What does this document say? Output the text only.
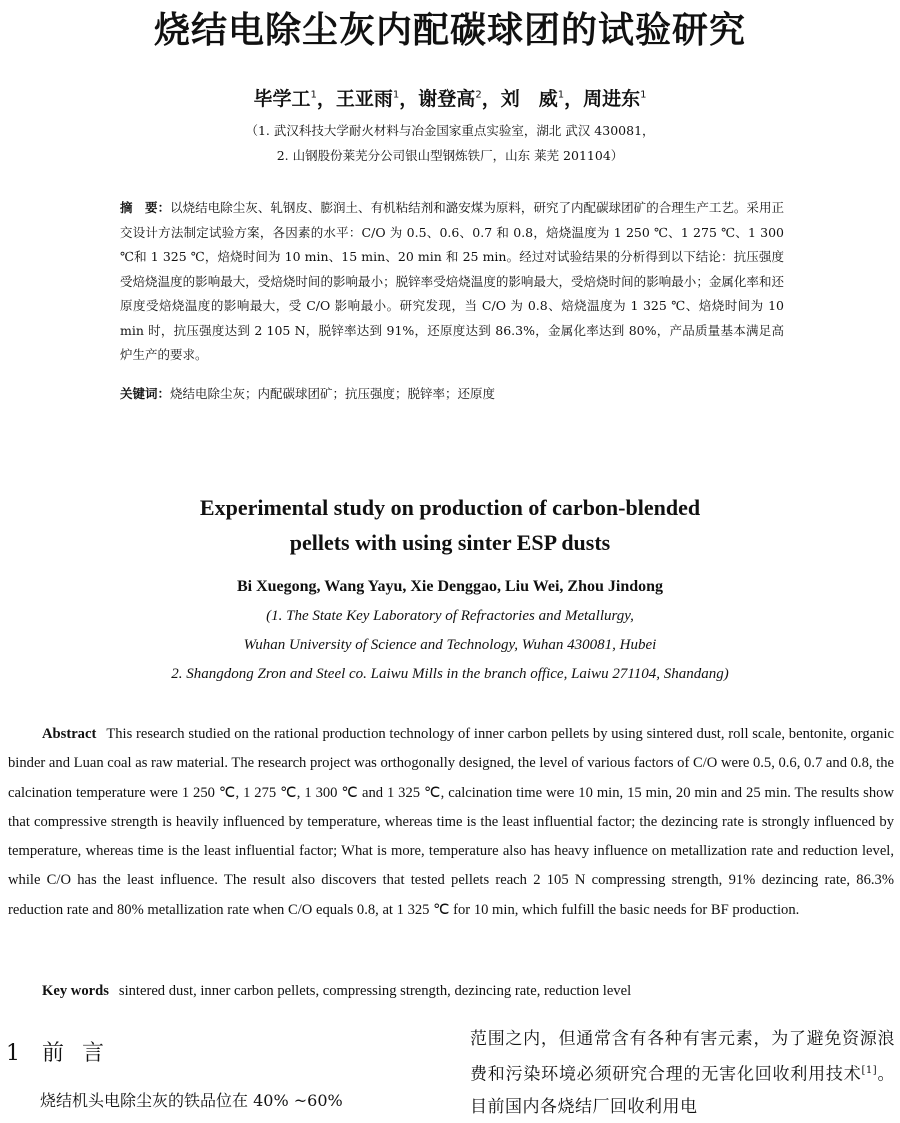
烧结电除尘灰内配碳球团的试验研究
毕学工$^1$，王亚雨$^1$，谢登高$^2$，刘　威$^1$，周进东$^1$
（1. 武汉科技大学耐火材料与冶金国家重点实验室，湖北 武汉 430081，
2. 山钢股份莱芜分公司银山型钢炼铁厂，山东 莱芜 201104）
摘　要：以烧结电除尘灰、轧钢皮、膨润土、有机粘结剂和潞安煤为原料，研究了内配碳球团矿的合理生产工艺。采用正交设计方法制定试验方案，各因素的水平：C/O 为 0.5、0.6、0.7 和 0.8，焙烧温度为 1 250 ℃、1 275 ℃、1 300 ℃和 1 325 ℃，焙烧时间为 10 min、15 min、20 min 和 25 min。经过对试验结果的分析得到以下结论：抗压强度受焙烧温度的影响最大，受焙烧时间的影响最小；脱锌率受焙烧温度的影响最大，受焙烧时间的影响最小；金属化率和还原度受焙烧温度的影响最大，受 C/O 影响最小。研究发现，当 C/O 为 0.8、焙烧温度为 1 325 ℃、焙烧时间为 10 min 时，抗压强度达到 2 105 N，脱锌率达到 91%，还原度达到 86.3%，金属化率达到 80%，产品质量基本满足高炉生产的要求。
关键词：烧结电除尘灰；内配碳球团矿；抗压强度；脱锌率；还原度
Experimental study on production of carbon-blended
pellets with using sinter ESP dusts
Bi Xuegong, Wang Yayu, Xie Denggao, Liu Wei, Zhou Jindong
(1. The State Key Laboratory of Refractories and Metallurgy,
Wuhan University of Science and Technology, Wuhan 430081, Hubei
2. Shangdong Zron and Steel co. Laiwu Mills in the branch office, Laiwu 271104, Shandang)
Abstract This research studied on the rational production technology of inner carbon pellets by using sintered dust, roll scale, bentonite, organic binder and Luan coal as raw material. The research project was orthogonally designed, the level of various factors of C/O were 0.5, 0.6, 0.7 and 0.8, the calcination temperature were 1 250 ℃, 1 275 ℃, 1 300 ℃ and 1 325 ℃, calcination time were 10 min, 15 min, 20 min and 25 min. The results show that compressive strength is heavily influenced by temperature, whereas time is the least influential factor; the dezincing rate is strongly influenced by temperature, whereas time is the least influential factor; What is more, temperature also has heavy influence on metallization rate and reduction level, while C/O has the least influence. The result also discovers that tested pellets reach 2 105 N compressing strength, 91% dezincing rate, 86.3% reduction rate and 80% metallization rate when C/O equals 0.8, at 1 325 ℃ for 10 min, which fulfill the basic needs for BF production.
Key words sintered dust, inner carbon pellets, compressing strength, dezincing rate, reduction level
1 前言
烧结机头电除尘灰的铁品位在 40% ~60%
范围之内，但通常含有各种有害元素，为了避免资源浪费和污染环境必须研究合理的无害化回收利用技术[1]。目前国内各烧结厂回收利用电
